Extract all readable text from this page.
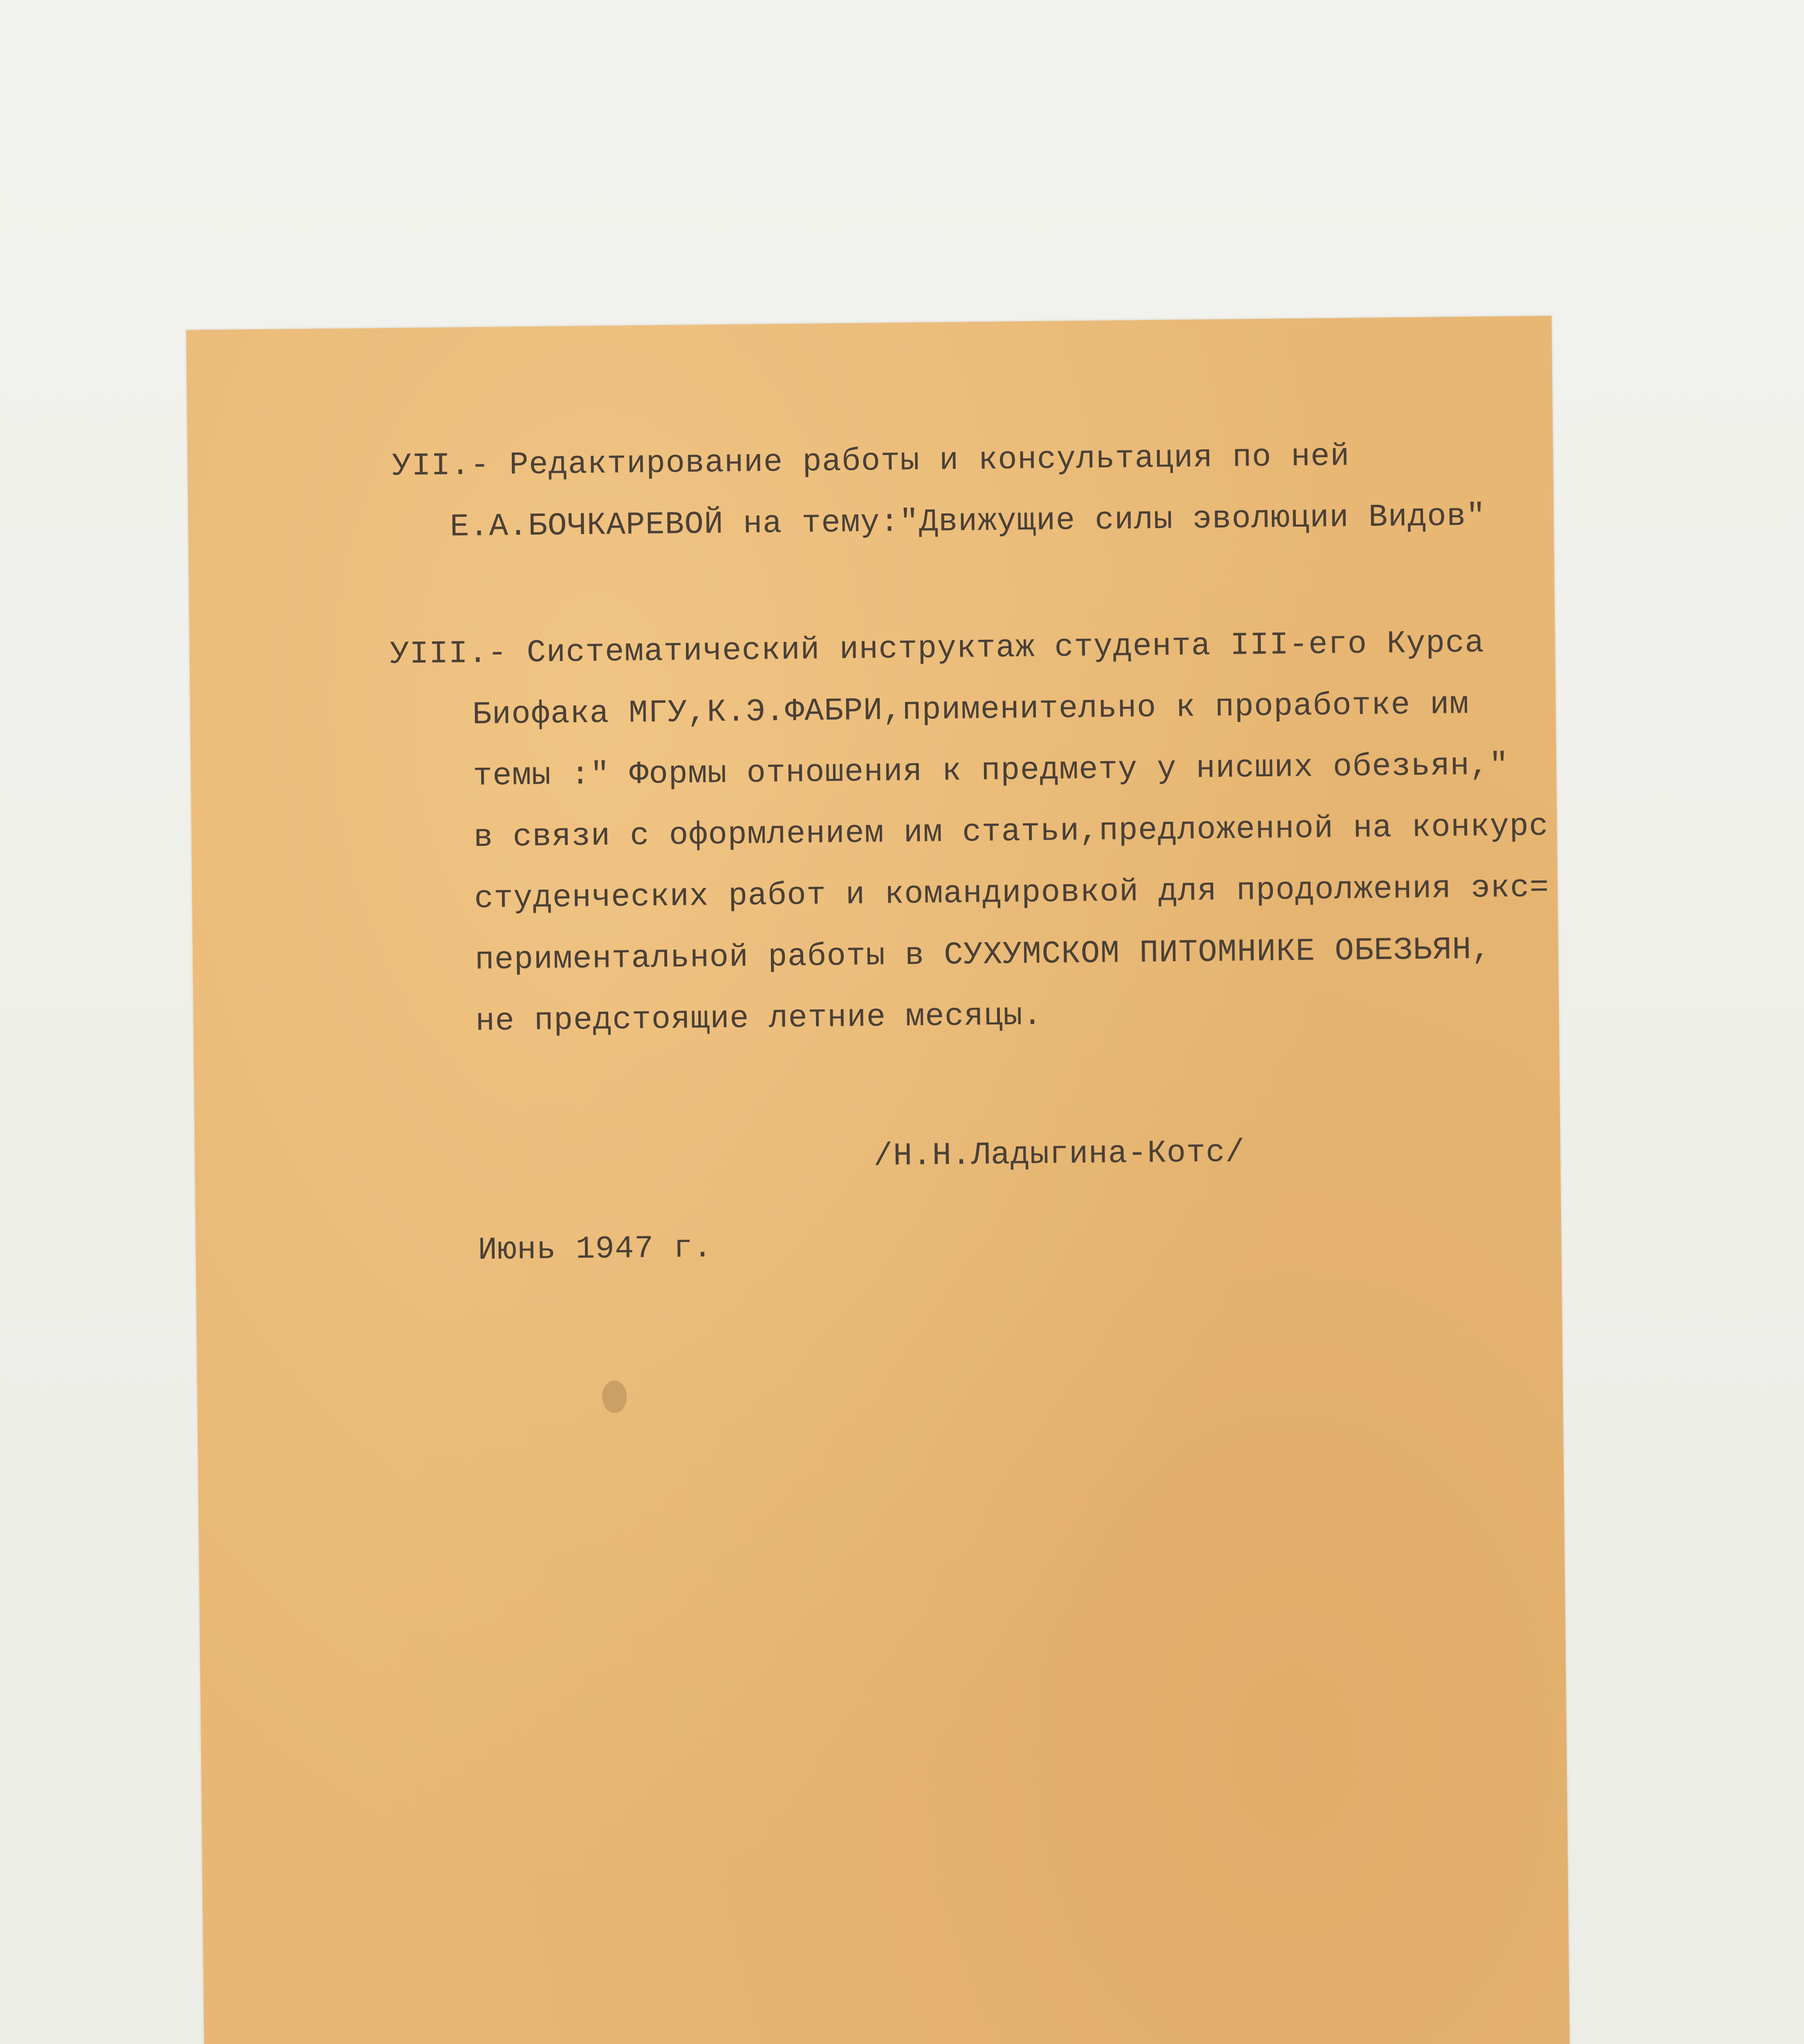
УII.- Редактирование работы и консультация по ней
Е.А.БОЧКАРЕВОЙ на тему:"Движущие силы эволюции Видов"
УIII.- Систематический инструктаж студента III-его Курса
Биофака МГУ,К.Э.ФАБРИ,применительно к проработке им
темы :" Формы отношения к предмету у нисших обезьян,"
в связи с оформлением им статьи,предложенной на конкурс
студенческих работ и командировкой для продолжения экс=
периментальной работы в СУХУМСКОМ ПИТОМНИКЕ ОБЕЗЬЯН,
не предстоящие летние месяцы.
/Н.Н.Ладыгина-Котс/
Июнь 1947 г.
